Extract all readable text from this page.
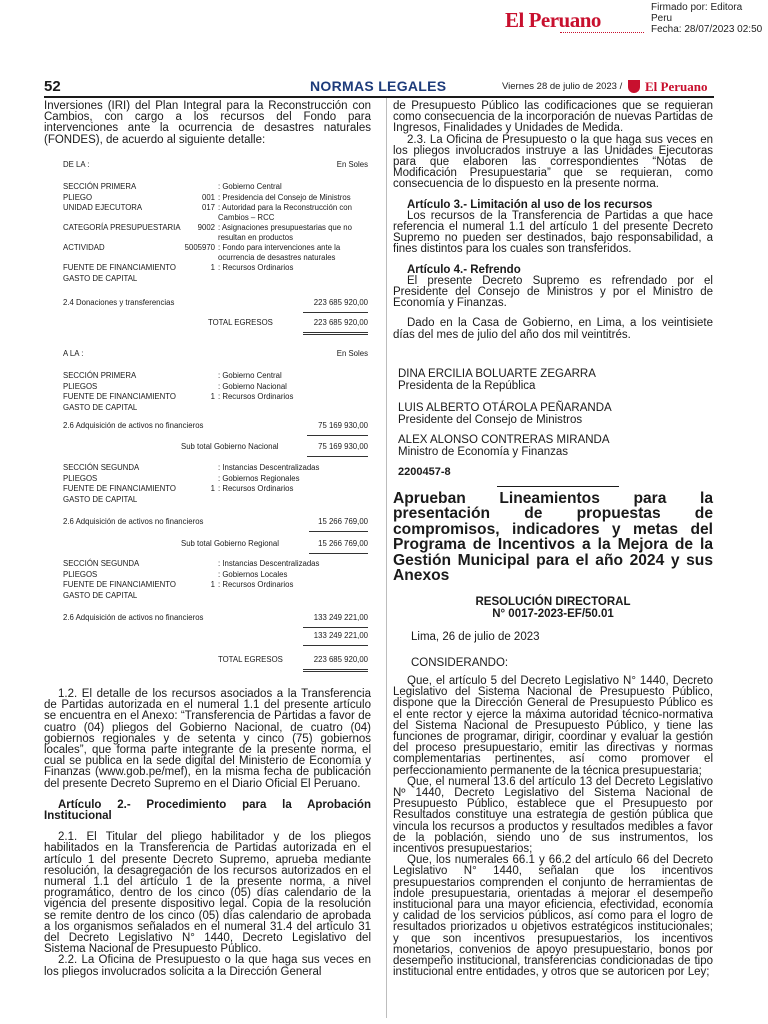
Firmado por: Editora
Peru
Fecha: 28/07/2023 02:50
El Peruano
52	NORMAS LEGALES	Viernes 28 de julio de 2023 / El Peruano

Inversiones (IRI) del Plan Integral para la Reconstrucción con Cambios, con cargo a los recursos del Fondo para intervenciones ante la ocurrencia de desastres naturales (FONDES), de acuerdo al siguiente detalle:

DE LA :	En Soles
SECCIÓN PRIMERA	: Gobierno Central
PLIEGO	001 : Presidencia del Consejo de Ministros
UNIDAD EJECUTORA	017 : Autoridad para la Reconstrucción con Cambios – RCC
CATEGORÍA PRESUPUESTARIA	9002 : Asignaciones presupuestarias que no resultan en productos
ACTIVIDAD	5005970 : Fondo para intervenciones ante la ocurrencia de desastres naturales
FUENTE DE FINANCIAMIENTO	1 : Recursos Ordinarios
GASTO DE CAPITAL
2.4 Donaciones y transferencias	223 685 920,00
TOTAL EGRESOS	223 685 920,00
A LA :	En Soles
SECCIÓN PRIMERA	: Gobierno Central
PLIEGOS	: Gobierno Nacional
FUENTE DE FINANCIAMIENTO	1 : Recursos Ordinarios
GASTO DE CAPITAL
2.6 Adquisición de activos no financieros	75 169 930,00
Sub total Gobierno Nacional	75 169 930,00
SECCIÓN SEGUNDA	: Instancias Descentralizadas
PLIEGOS	: Gobiernos Regionales
FUENTE DE FINANCIAMIENTO	1 : Recursos Ordinarios
GASTO DE CAPITAL
2.6 Adquisición de activos no financieros	15 266 769,00
Sub total Gobierno Regional	15 266 769,00
SECCIÓN SEGUNDA	: Instancias Descentralizadas
PLIEGOS	: Gobiernos Locales
FUENTE DE FINANCIAMIENTO	1 : Recursos Ordinarios
GASTO DE CAPITAL
2.6 Adquisición de activos no financieros	133 249 221,00
133 249 221,00
TOTAL EGRESOS	223 685 920,00

1.2. El detalle de los recursos asociados a la Transferencia de Partidas autorizada en el numeral 1.1 del presente artículo se encuentra en el Anexo: “Transferencia de Partidas a favor de cuatro (04) pliegos del Gobierno Nacional, de cuatro (04) gobiernos regionales y de setenta y cinco (75) gobiernos locales”, que forma parte integrante de la presente norma, el cual se publica en la sede digital del Ministerio de Economía y Finanzas (www.gob.pe/mef), en la misma fecha de publicación del presente Decreto Supremo en el Diario Oficial El Peruano.

Artículo 2.- Procedimiento para la Aprobación Institucional

2.1. El Titular del pliego habilitador y de los pliegos habilitados en la Transferencia de Partidas autorizada en el artículo 1 del presente Decreto Supremo, aprueba mediante resolución, la desagregación de los recursos autorizados en el numeral 1.1 del artículo 1 de la presente norma, a nivel programático, dentro de los cinco (05) días calendario de la vigencia del presente dispositivo legal. Copia de la resolución se remite dentro de los cinco (05) días calendario de aprobada a los organismos señalados en el numeral 31.4 del artículo 31 del Decreto Legislativo N° 1440, Decreto Legislativo del Sistema Nacional de Presupuesto Público.

2.2. La Oficina de Presupuesto o la que haga sus veces en los pliegos involucrados solicita a la Dirección General

de Presupuesto Público las codificaciones que se requieran como consecuencia de la incorporación de nuevas Partidas de Ingresos, Finalidades y Unidades de Medida.

2.3. La Oficina de Presupuesto o la que haga sus veces en los pliegos involucrados instruye a las Unidades Ejecutoras para que elaboren las correspondientes “Notas de Modificación Presupuestaria” que se requieran, como consecuencia de lo dispuesto en la presente norma.

Artículo 3.- Limitación al uso de los recursos

Los recursos de la Transferencia de Partidas a que hace referencia el numeral 1.1 del artículo 1 del presente Decreto Supremo no pueden ser destinados, bajo responsabilidad, a fines distintos para los cuales son transferidos.

Artículo 4.- Refrendo

El presente Decreto Supremo es refrendado por el Presidente del Consejo de Ministros y por el Ministro de Economía y Finanzas.

Dado en la Casa de Gobierno, en Lima, a los veintisiete días del mes de julio del año dos mil veintitrés.

DINA ERCILIA BOLUARTE ZEGARRA
Presidenta de la República
LUIS ALBERTO OTÁROLA PEÑARANDA
Presidente del Consejo de Ministros
ALEX ALONSO CONTRERAS MIRANDA
Ministro de Economía y Finanzas
2200457-8
Aprueban Lineamientos para la presentación de propuestas de compromisos, indicadores y metas del Programa de Incentivos a la Mejora de la Gestión Municipal para el año 2024 y sus Anexos
RESOLUCIÓN DIRECTORAL
N° 0017-2023-EF/50.01
Lima, 26 de julio de 2023
CONSIDERANDO:

Que, el artículo 5 del Decreto Legislativo N° 1440, Decreto Legislativo del Sistema Nacional de Presupuesto Público, dispone que la Dirección General de Presupuesto Público es el ente rector y ejerce la máxima autoridad técnico-normativa del Sistema Nacional de Presupuesto Público, y tiene las funciones de programar, dirigir, coordinar y evaluar la gestión del proceso presupuestario, emitir las directivas y normas complementarias pertinentes, así como promover el perfeccionamiento permanente de la técnica presupuestaria;

Que, el numeral 13.6 del artículo 13 del Decreto Legislativo Nº 1440, Decreto Legislativo del Sistema Nacional de Presupuesto Público, establece que el Presupuesto por Resultados constituye una estrategia de gestión pública que vincula los recursos a productos y resultados medibles a favor de la población, siendo uno de sus instrumentos, los incentivos presupuestarios;

Que, los numerales 66.1 y 66.2 del artículo 66 del Decreto Legislativo N° 1440, señalan que los incentivos presupuestarios comprenden el conjunto de herramientas de índole presupuestaria, orientadas a mejorar el desempeño institucional para una mayor eficiencia, efectividad, economía y calidad de los servicios públicos, así como para el logro de resultados priorizados u objetivos estratégicos institucionales; y que son incentivos presupuestarios, los incentivos monetarios, convenios de apoyo presupuestario, bonos por desempeño institucional, transferencias condicionadas de tipo institucional entre entidades, y otros que se autoricen por Ley;
